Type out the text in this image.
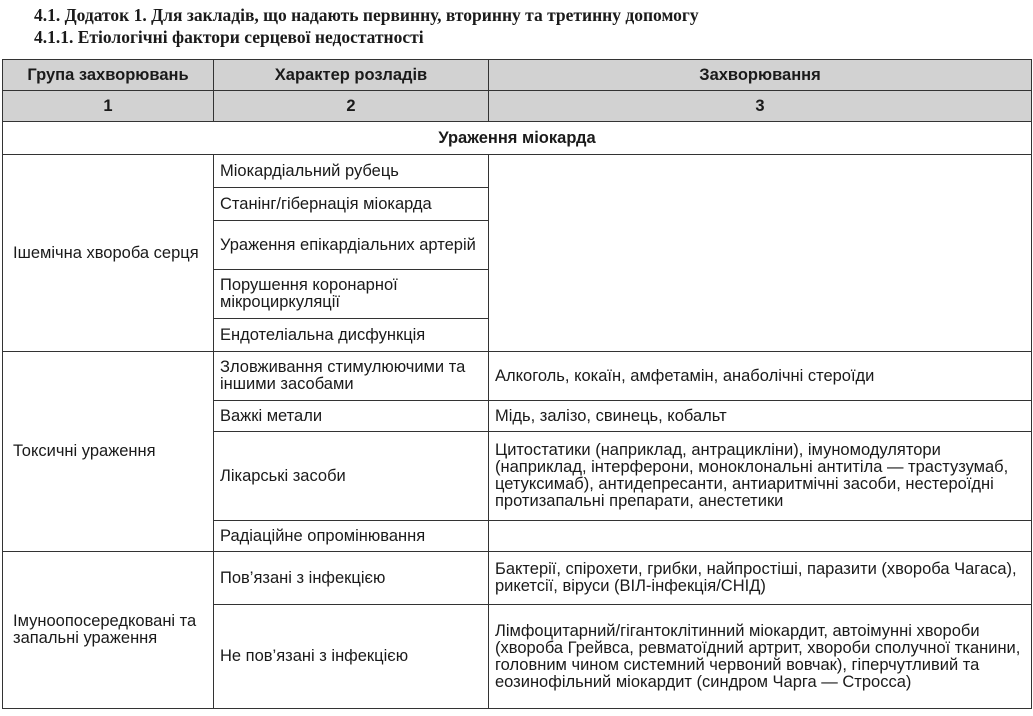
4.1. Додаток 1. Для закладів, що надають первинну, вторинну та третинну допомогу
4.1.1. Етіологічні фактори серцевої недостатності
Група захворювань	Характер розладів	Захворювання
1	2	3
Ураження міокарда		
Ішемічна хвороба серця	Міокардіальний рубець	
	Станінг/гібернація міокарда	
	Ураження епікардіальних артерій	
	Порушення коронарної мікроциркуляції	
	Ендотеліальна дисфункція	
Токсичні ураження	Зловживання стимулюючими та іншими засобами	Алкоголь, кокаїн, амфетамін, анаболічні стероїди
	Важкі метали	Мідь, залізо, свинець, кобальт
	Лікарські засоби	Цитостатики (наприклад, антрацикліни), імуномодулятори (наприклад, інтерферони, моноклональні антитіла — трастузумаб, цетуксимаб), антидепресанти, антиаритмічні засоби, нестероїдні протизапальні препарати, анестетики
	Радіаційне опромінювання	
Імуноопосередковані та запальні ураження	Пов’язані з інфекцією	Бактерії, спірохети, грибки, найпростіші, паразити (хвороба Чагаса), рикетсії, віруси (ВІЛ-інфекція/СНІД)
	Не пов’язані з інфекцією	Лімфоцитарний/гігантоклітинний міокардит, автоімунні хвороби (хвороба Грейвса, ревматоїдний артрит, хвороби сполучної тканини, головним чином системний червоний вовчак), гіперчутливий та еозинофільний міокардит (синдром Чарга — Стросса)
